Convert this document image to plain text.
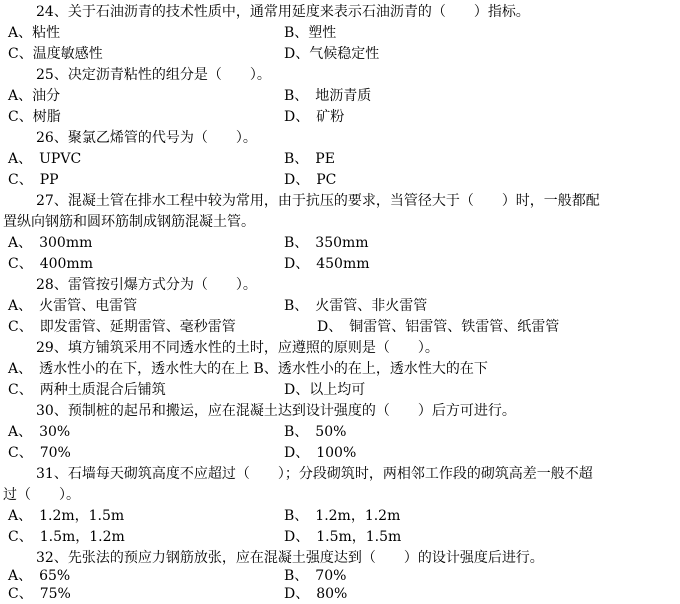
24、关于石油沥青的技术性质中，通常用延度来表示石油沥青的（　　）指标。
A、粘性	B、塑性
C、温度敏感性	D、气候稳定性
25、决定沥青粘性的组分是（　　）。
A、油分	B、　地沥青质
C、树脂	D、　矿粉
26、聚氯乙烯管的代号为（　　）。
A、　UPVC	B、　PE
C、　PP	D、　PC
27、混凝土管在排水工程中较为常用，由于抗压的要求，当管径大于（　　）时，一般都配
置纵向钢筋和圆环筋制成钢筋混凝土管。
A、　300mm	B、　350mm
C、　400mm	D、　450mm
28、雷管按引爆方式分为（　　）。
A、　火雷管、电雷管	B、　火雷管、非火雷管
C、　即发雷管、延期雷管、毫秒雷管	D、　铜雷管、铝雷管、铁雷管、纸雷管
29、填方铺筑采用不同透水性的土时，应遵照的原则是（　　）。
A、　透水性小的在下，透水性大的在上 B、透水性小的在上，透水性大的在下
C、　两种土质混合后铺筑	D、以上均可
30、预制桩的起吊和搬运，应在混凝土达到设计强度的（　　）后方可进行。
A、　30%	B、　50%
C、　70%	D、　100%
31、石墙每天砌筑高度不应超过（　　）；分段砌筑时，两相邻工作段的砌筑高差一般不超
过（　　）。
A、　1.2m，1.5m	B、　1.2m，1.2m
C、　1.5m，1.2m	D、　1.5m，1.5m
32、先张法的预应力钢筋放张，应在混凝土强度达到（　　）的设计强度后进行。
A、　65%	B、　70%
C、　75%	D、　80%
